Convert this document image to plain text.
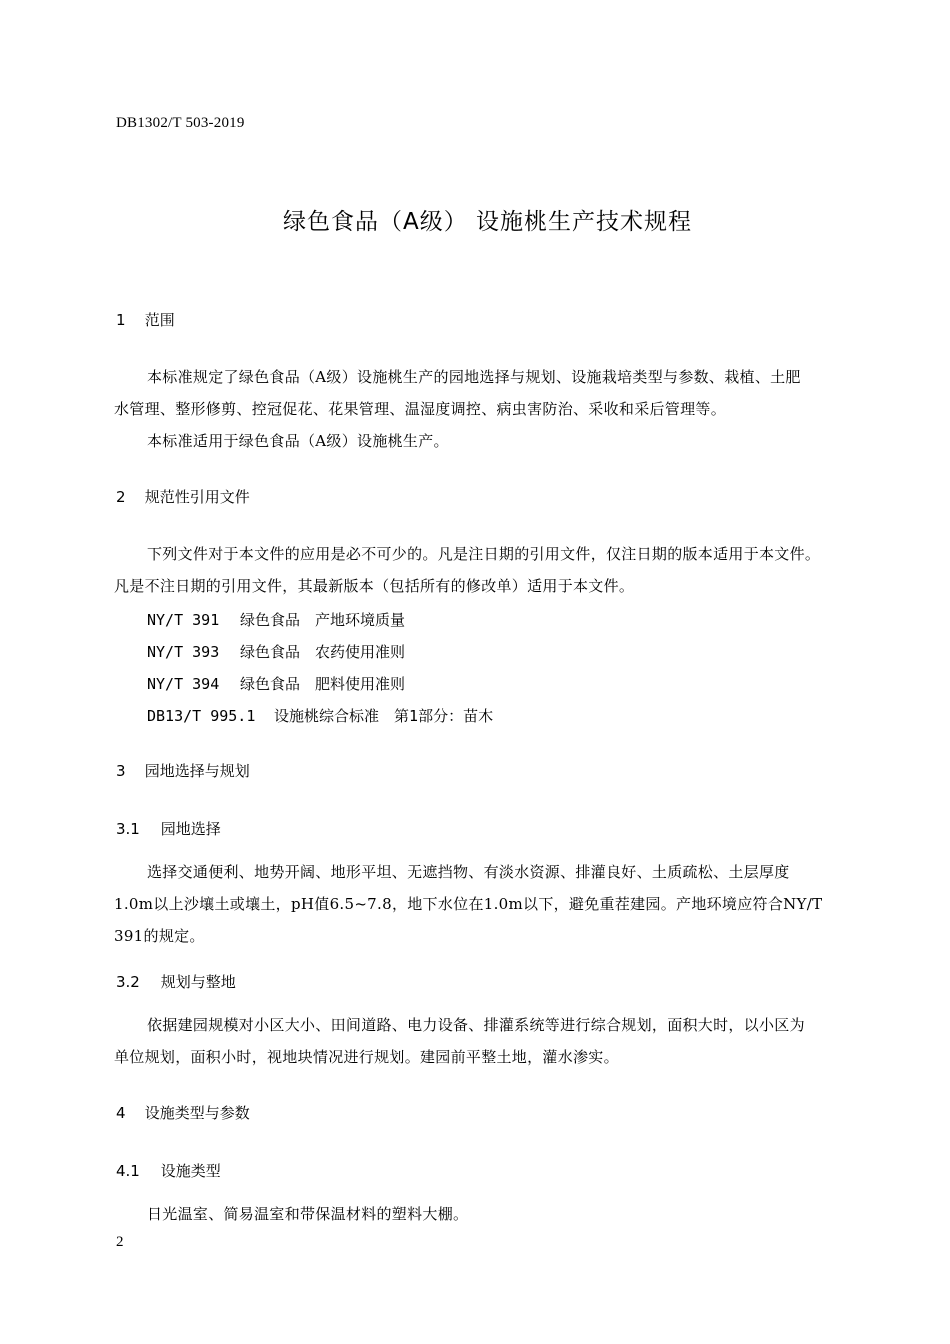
DB1302/T 503-2019
绿色食品（A级） 设施桃生产技术规程
1 范围
本标准规定了绿色食品（A级）设施桃生产的园地选择与规划、设施栽培类型与参数、栽植、土肥
水管理、整形修剪、控冠促花、花果管理、温湿度调控、病虫害防治、采收和采后管理等。
本标准适用于绿色食品（A级）设施桃生产。
2 规范性引用文件
下列文件对于本文件的应用是必不可少的。凡是注日期的引用文件，仅注日期的版本适用于本文件。
凡是不注日期的引用文件，其最新版本（包括所有的修改单）适用于本文件。
NY/T 391 绿色食品　产地环境质量
NY/T 393 绿色食品　农药使用准则
NY/T 394 绿色食品　肥料使用准则
DB13/T 995.1 设施桃综合标准　第1部分：苗木
3 园地选择与规划
3.1 园地选择
选择交通便利、地势开阔、地形平坦、无遮挡物、有淡水资源、排灌良好、土质疏松、土层厚度
1.0m以上沙壤土或壤土，pH值6.5~7.8，地下水位在1.0m以下，避免重茬建园。产地环境应符合NY/T
391的规定。
3.2 规划与整地
依据建园规模对小区大小、田间道路、电力设备、排灌系统等进行综合规划，面积大时，以小区为
单位规划，面积小时，视地块情况进行规划。建园前平整土地，灌水渗实。
4 设施类型与参数
4.1 设施类型
日光温室、简易温室和带保温材料的塑料大棚。
2
